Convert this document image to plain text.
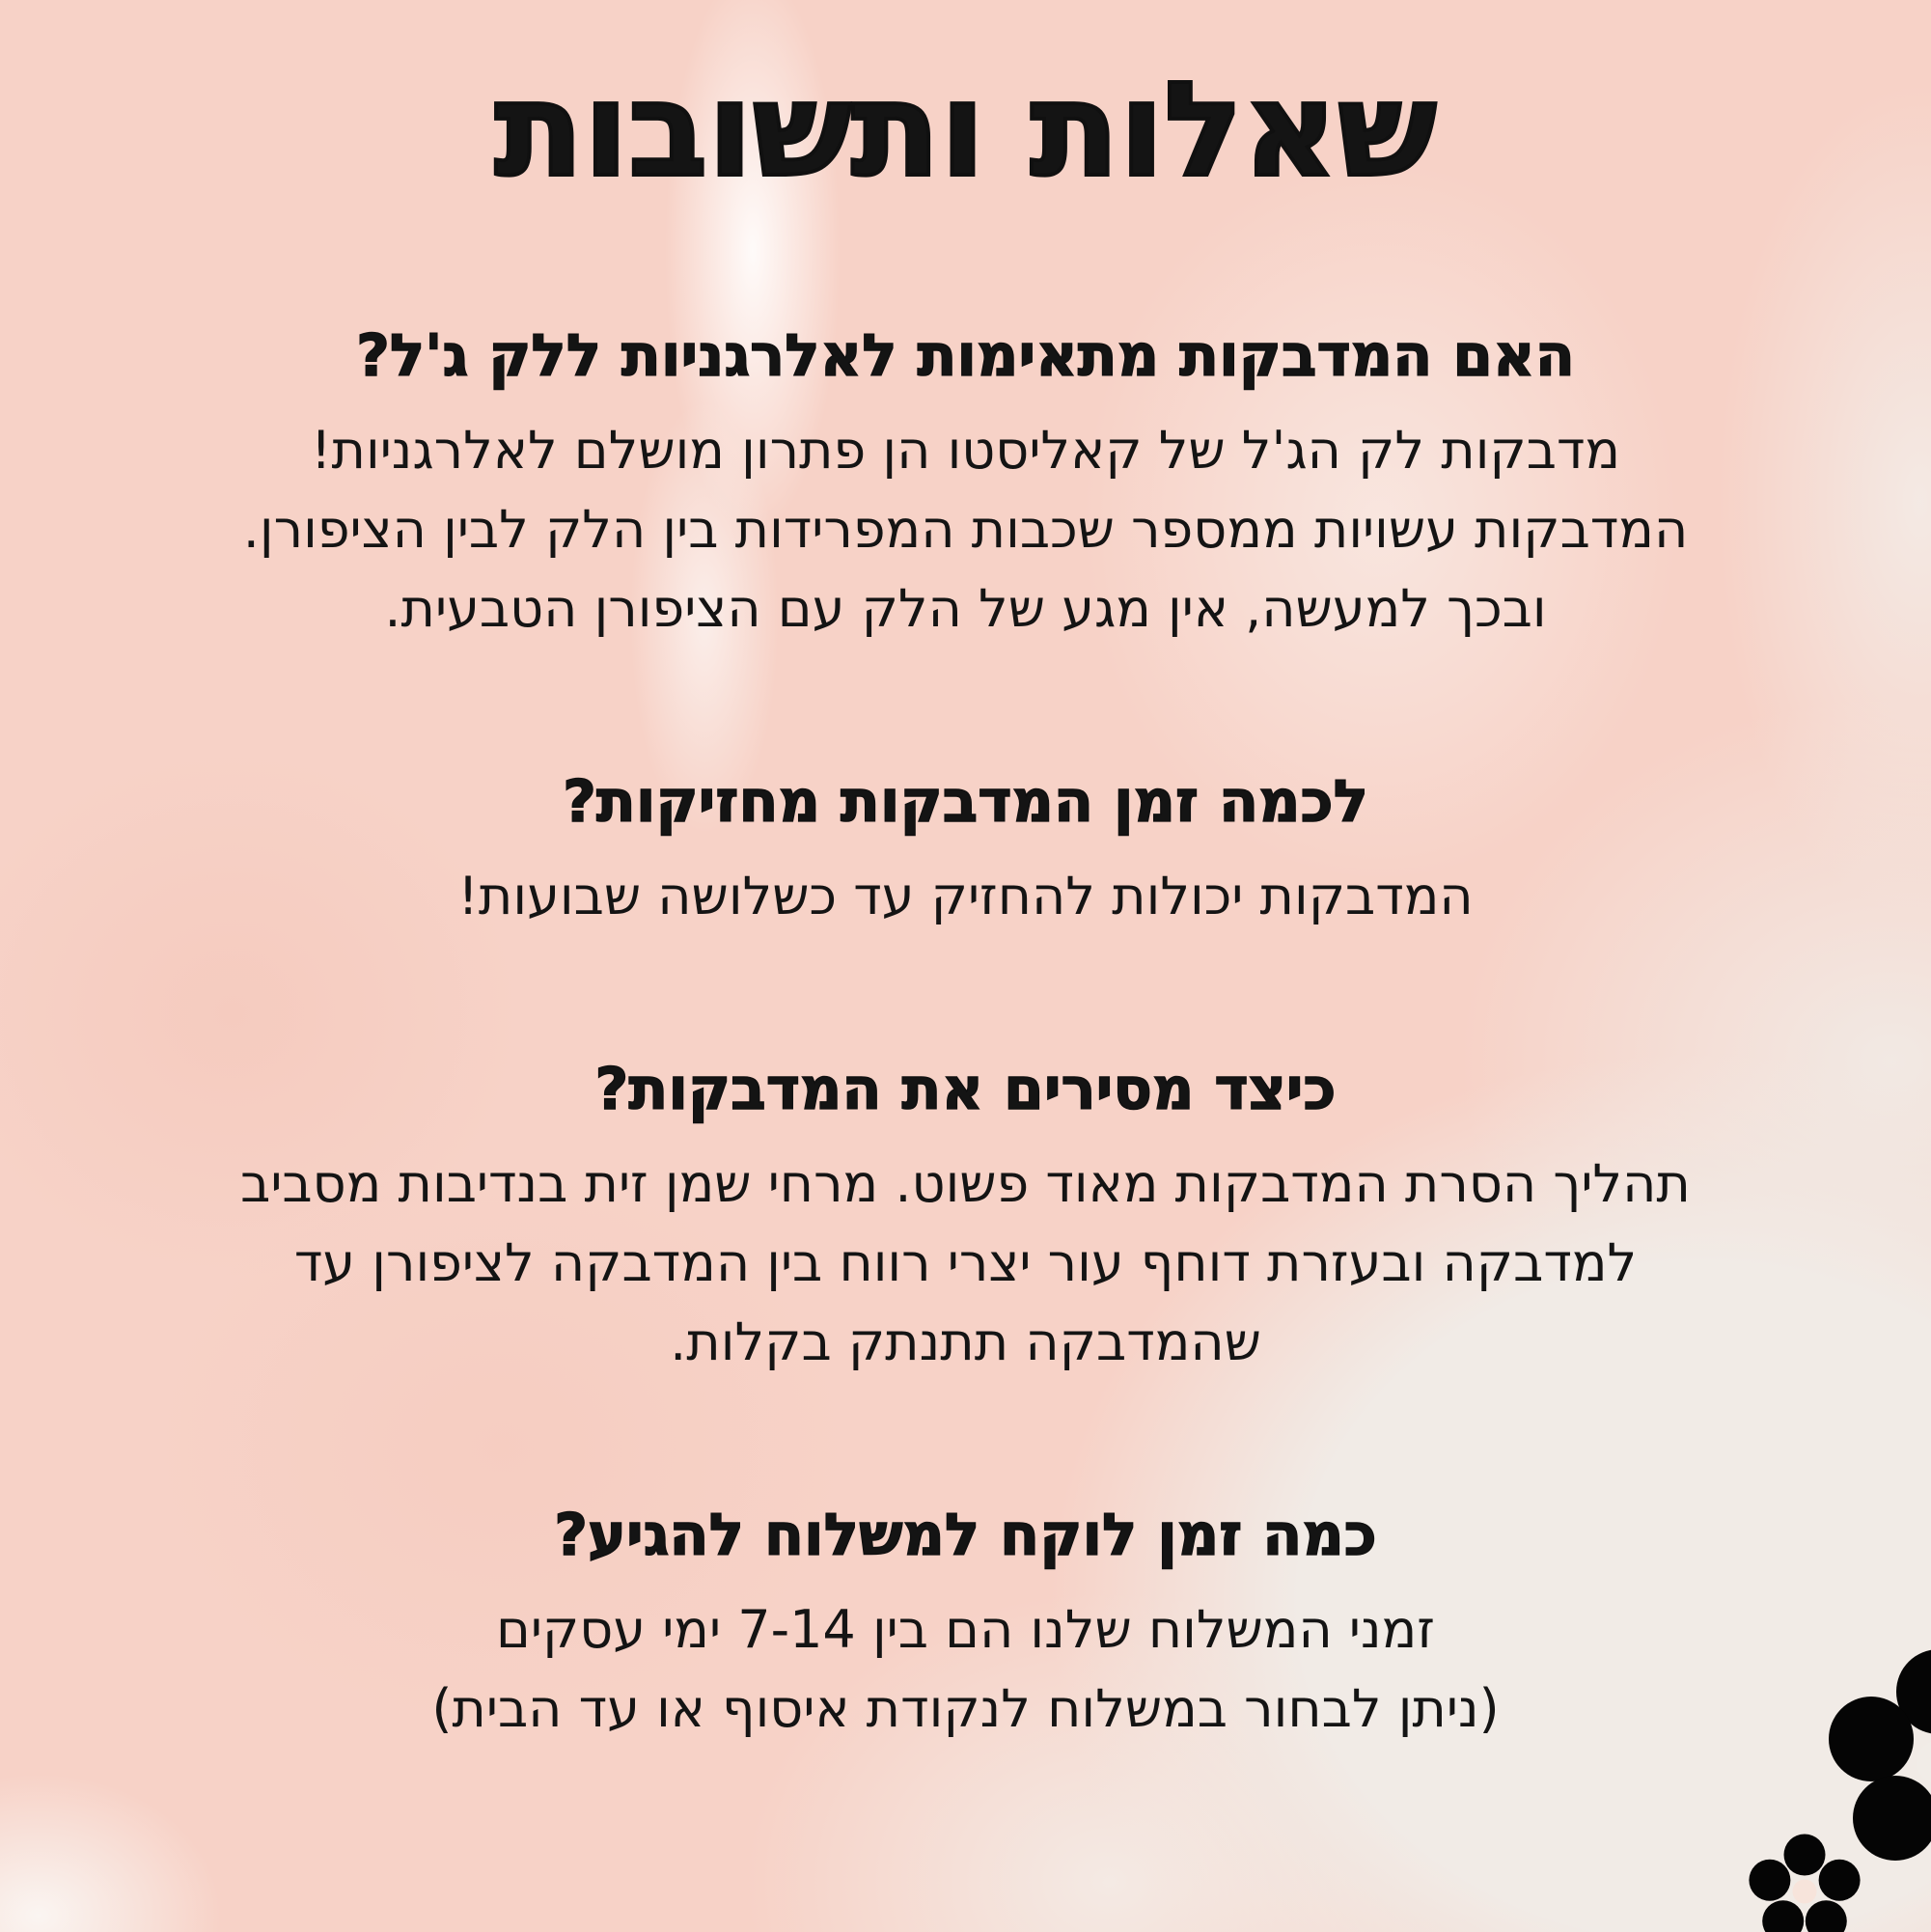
שאלות ותשובות
האם המדבקות מתאימות לאלרגניות ללק ג'ל?

מדבקות לק הג'ל של קאליסטו הן פתרון מושלם לאלרגניות!

המדבקות עשויות ממספר שכבות המפרידות בין הלק לבין הציפורן.

ובכך למעשה, אין מגע של הלק עם הציפורן הטבעית.

לכמה זמן המדבקות מחזיקות?

המדבקות יכולות להחזיק עד כשלושה שבועות!

כיצד מסירים את המדבקות?

תהליך הסרת המדבקות מאוד פשוט. מרחי שמן זית בנדיבות מסביב

למדבקה ובעזרת דוחף עור יצרי רווח בין המדבקה לציפורן עד

שהמדבקה תתנתק בקלות.

כמה זמן לוקח למשלוח להגיע?

זמני המשלוח שלנו הם בין 7-14 ימי עסקים

(ניתן לבחור במשלוח לנקודת איסוף או עד הבית)
